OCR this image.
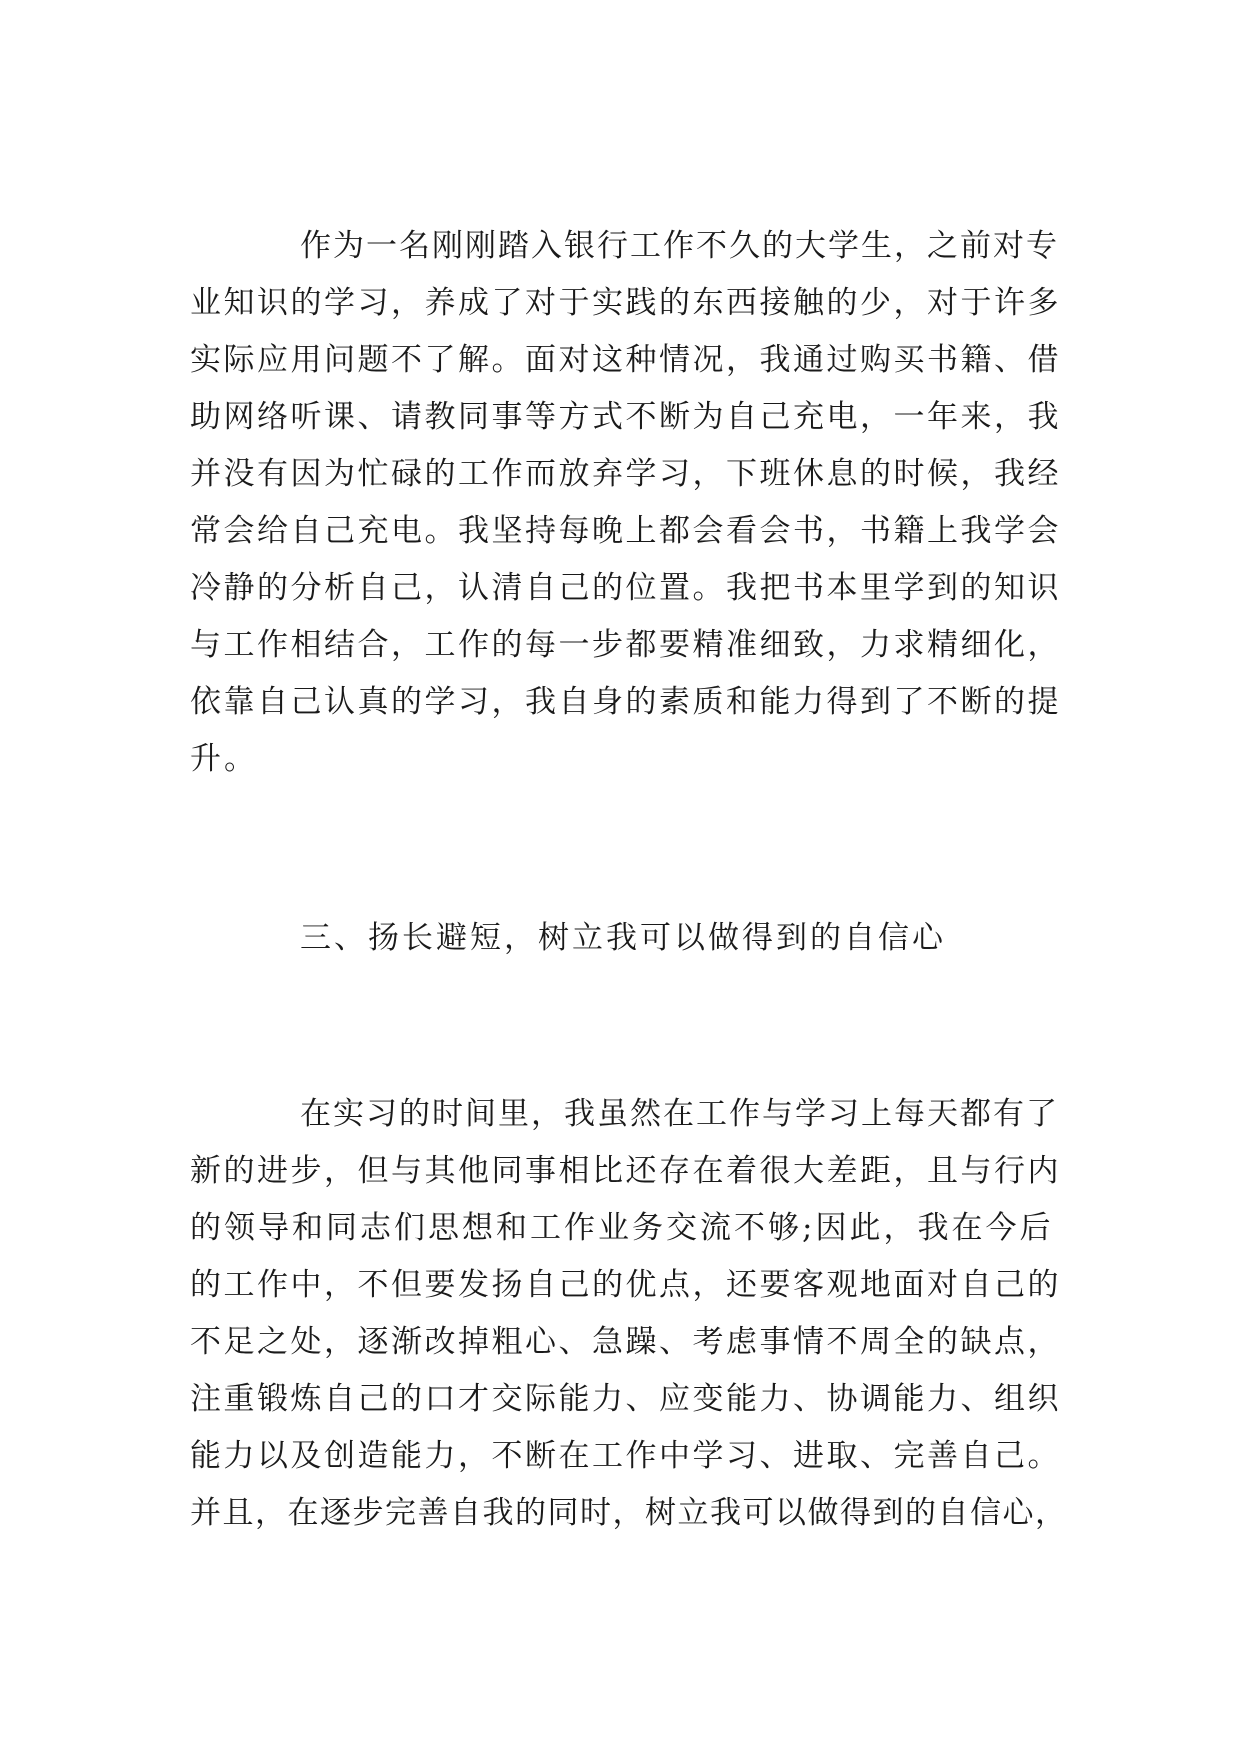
作为一名刚刚踏入银行工作不久的大学生，之前对专
业知识的学习，养成了对于实践的东西接触的少，对于许多
实际应用问题不了解。面对这种情况，我通过购买书籍、借
助网络听课、请教同事等方式不断为自己充电，一年来，我
并没有因为忙碌的工作而放弃学习，下班休息的时候，我经
常会给自己充电。我坚持每晚上都会看会书，书籍上我学会
冷静的分析自己，认清自己的位置。我把书本里学到的知识
与工作相结合，工作的每一步都要精准细致，力求精细化，
依靠自己认真的学习，我自身的素质和能力得到了不断的提
升。
三、扬长避短，树立我可以做得到的自信心
在实习的时间里，我虽然在工作与学习上每天都有了
新的进步，但与其他同事相比还存在着很大差距，且与行内
的领导和同志们思想和工作业务交流不够;因此，我在今后
的工作中，不但要发扬自己的优点，还要客观地面对自己的
不足之处，逐渐改掉粗心、急躁、考虑事情不周全的缺点，
注重锻炼自己的口才交际能力、应变能力、协调能力、组织
能力以及创造能力，不断在工作中学习、进取、完善自己。
并且，在逐步完善自我的同时，树立我可以做得到的自信心，
